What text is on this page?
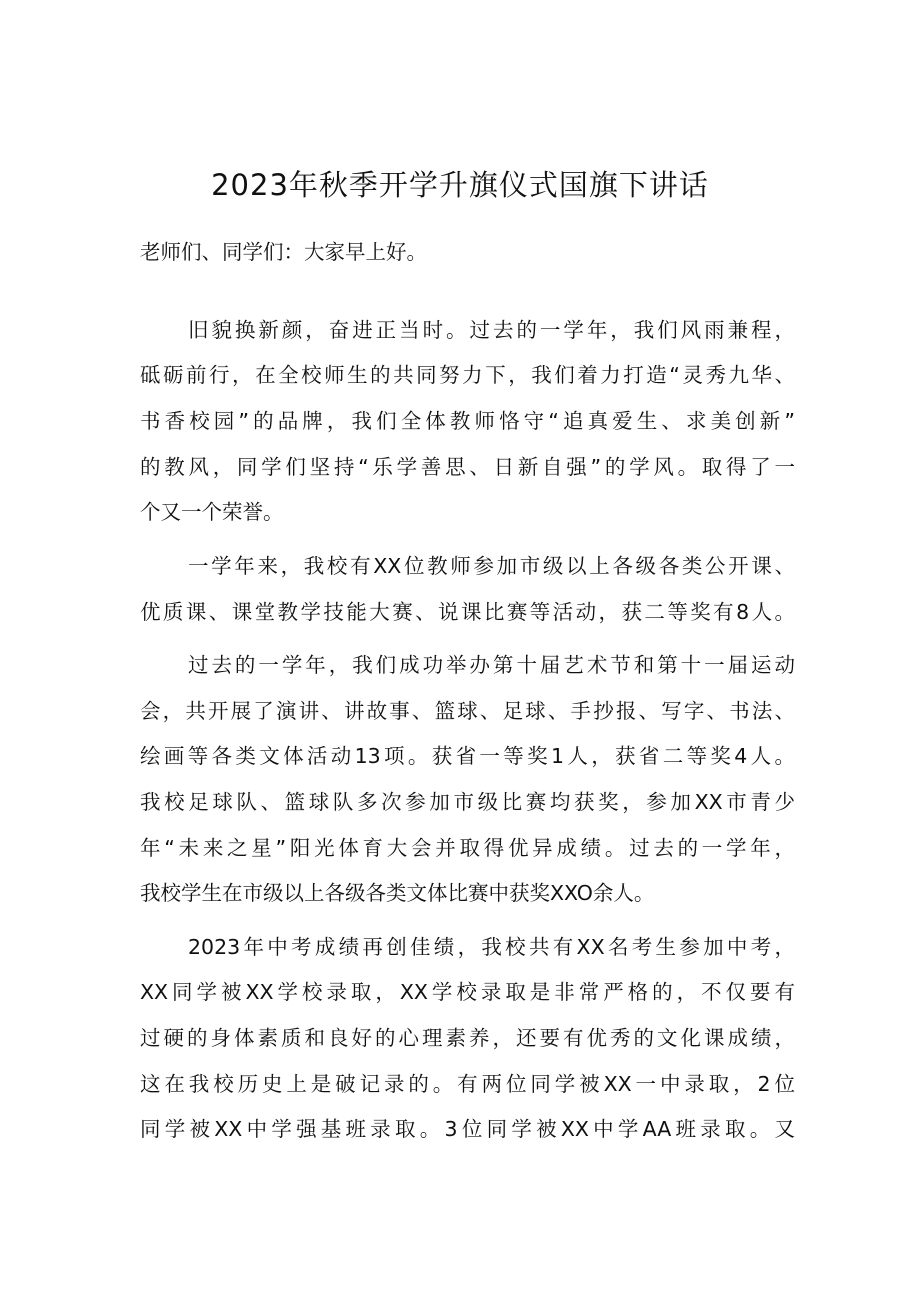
2023年秋季开学升旗仪式国旗下讲话
老师们、同学们：大家早上好。
旧貌换新颜，奋进正当时。过去的一学年，我们风雨兼程，
砥砺前行，在全校师生的共同努力下，我们着力打造“灵秀九华、
书香校园”的品牌，我们全体教师恪守“追真爱生、求美创新”
的教风，同学们坚持“乐学善思、日新自强”的学风。取得了一
个又一个荣誉。
一学年来，我校有XX位教师参加市级以上各级各类公开课、
优质课、课堂教学技能大赛、说课比赛等活动，获二等奖有8人。
过去的一学年，我们成功举办第十届艺术节和第十一届运动
会，共开展了演讲、讲故事、篮球、足球、手抄报、写字、书法、
绘画等各类文体活动13项。获省一等奖1人，获省二等奖4人。
我校足球队、篮球队多次参加市级比赛均获奖，参加XX市青少
年“未来之星”阳光体育大会并取得优异成绩。过去的一学年，
我校学生在市级以上各级各类文体比赛中获奖XXO余人。
2023年中考成绩再创佳绩，我校共有XX名考生参加中考，
XX同学被XX学校录取，XX学校录取是非常严格的，不仅要有
过硬的身体素质和良好的心理素养，还要有优秀的文化课成绩，
这在我校历史上是破记录的。有两位同学被XX一中录取，2位
同学被XX中学强基班录取。3位同学被XX中学AA班录取。又
